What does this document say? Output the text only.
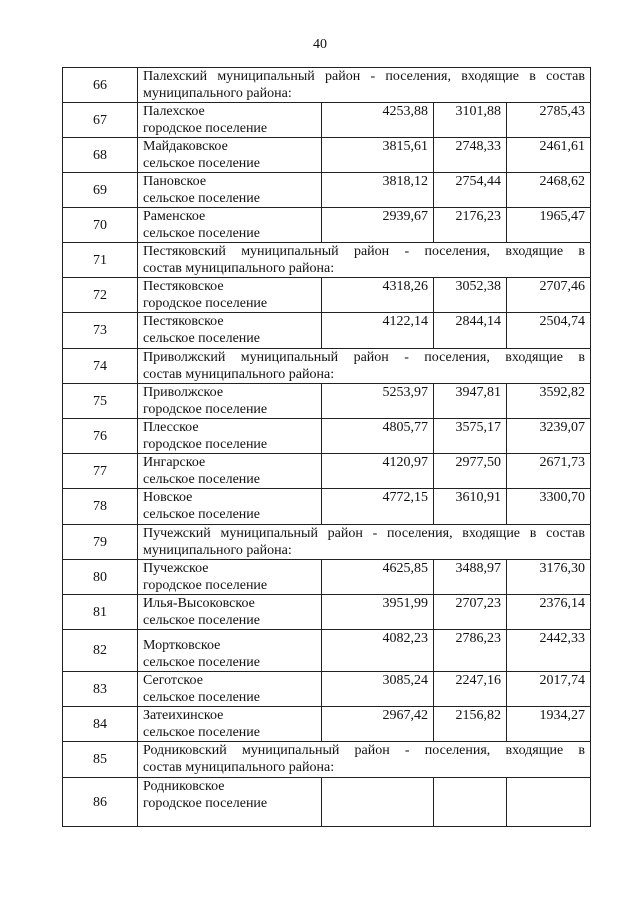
40
66	Палехский муниципальный район - поселения, входящие в состав
муниципального района:			

67	Палехское
городское поселение	4253,88	3101,88	2785,43
68	Майдаковское
сельское поселение	3815,61	2748,33	2461,61
69	Пановское
сельское поселение	3818,12	2754,44	2468,62
70	Раменское
сельское поселение	2939,67	2176,23	1965,47
71	Пестяковский муниципальный район - поселения, входящие в
состав муниципального района:			

72	Пестяковское
городское поселение	4318,26	3052,38	2707,46
73	Пестяковское
сельское поселение	4122,14	2844,14	2504,74
74	Приволжский муниципальный район - поселения, входящие в
состав муниципального района:			

75	Приволжское
городское поселение	5253,97	3947,81	3592,82
76	Плесское
городское поселение	4805,77	3575,17	3239,07
77	Ингарское
сельское поселение	4120,97	2977,50	2671,73
78	Новское
сельское поселение	4772,15	3610,91	3300,70
79	Пучежский муниципальный район - поселения, входящие в состав
муниципального района:			

80	Пучежское
городское поселение	4625,85	3488,97	3176,30
81	Илья-Высоковское
сельское поселение	3951,99	2707,23	2376,14
82	Мортковское
сельское поселение	4082,23	2786,23	2442,33
83	Сеготское
сельское поселение	3085,24	2247,16	2017,74
84	Затеихинское
сельское поселение	2967,42	2156,82	1934,27
85	Родниковский муниципальный район - поселения, входящие в
состав муниципального района:			

86	Родниковское
городское поселение			
